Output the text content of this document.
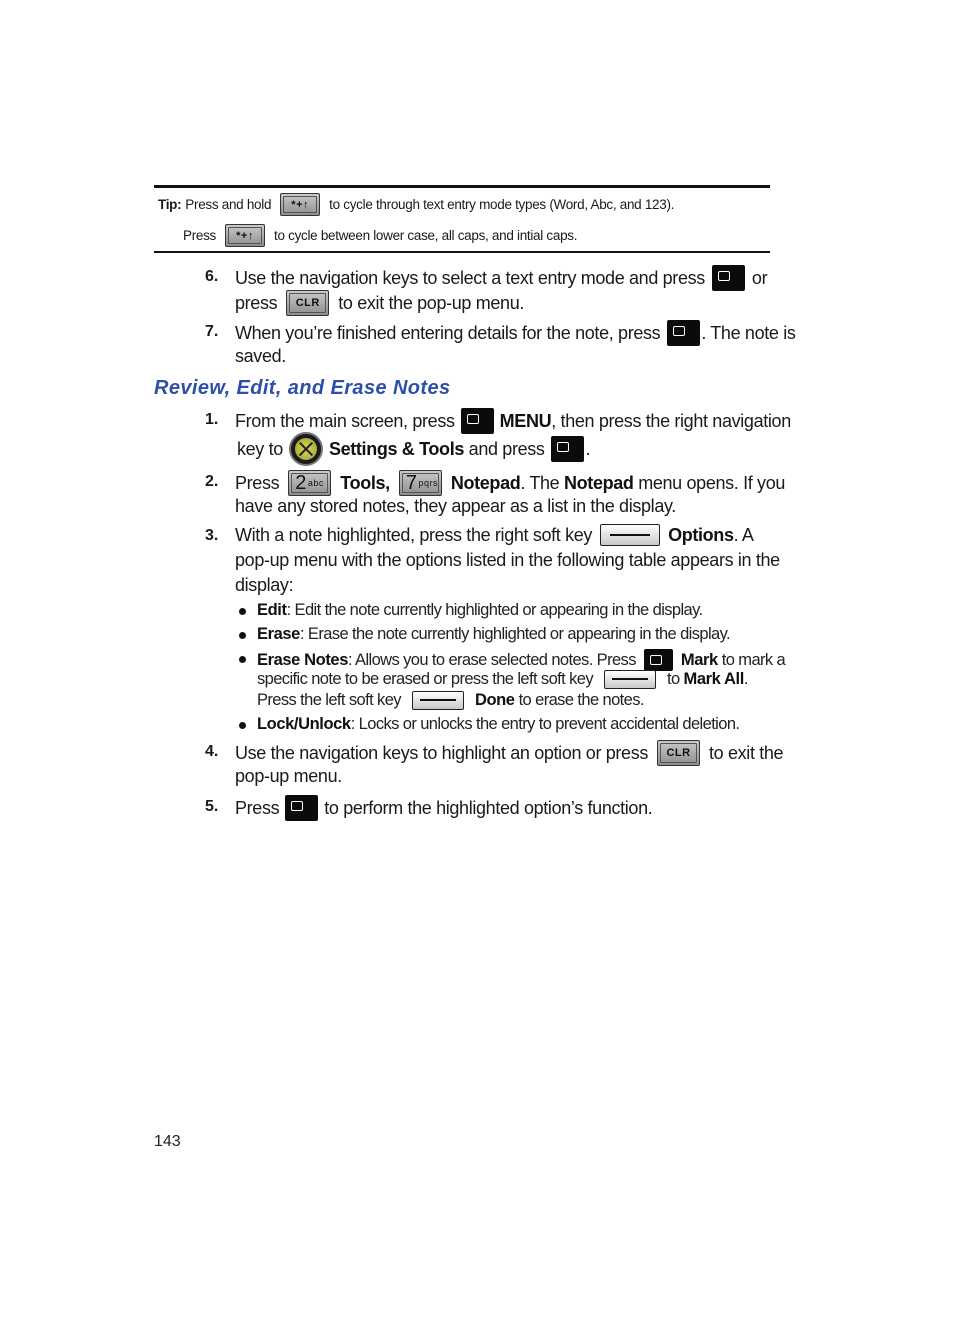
Tip: Press and hold	*+↑	to cycle through text entry mode types (Word, Abc, and 123).
Press	*+↑	to cycle between lower case, all caps, and intial caps.
6. Use the navigation keys to select a text entry mode and press	or
press	CLR	to exit the pop-up menu.
7. When you’re finished entering details for the note, press . The note is
saved.
Review, Edit, and Erase Notes
1. From the main screen, press	MENU , then press the right navigation
key to	Settings & Tools
and press .
2. Press 2 abc Tools, 7 pqrs Notepad . The
Notepad
menu opens. If you
have any stored notes, they appear as a list in the display.
3. With a note highlighted, press the right soft key	Options . A
pop-up menu with the options listed in the following table appears in the
display:
Edit : Edit the note currently highlighted or appearing in the display.
Erase : Erase the note currently highlighted or appearing in the display.
Erase Notes : Allows you to erase selected notes. Press	Mark
to mark a
specific note to be erased or press the left soft key	to
Mark All .
Press the left soft key	Done
to erase the notes.
Lock/Unlock : Locks or unlocks the entry to prevent accidental deletion.
4. Use the navigation keys to highlight an option or press	CLR	to exit the
pop-up menu.
5. Press	to perform the highlighted option’s function.
143
